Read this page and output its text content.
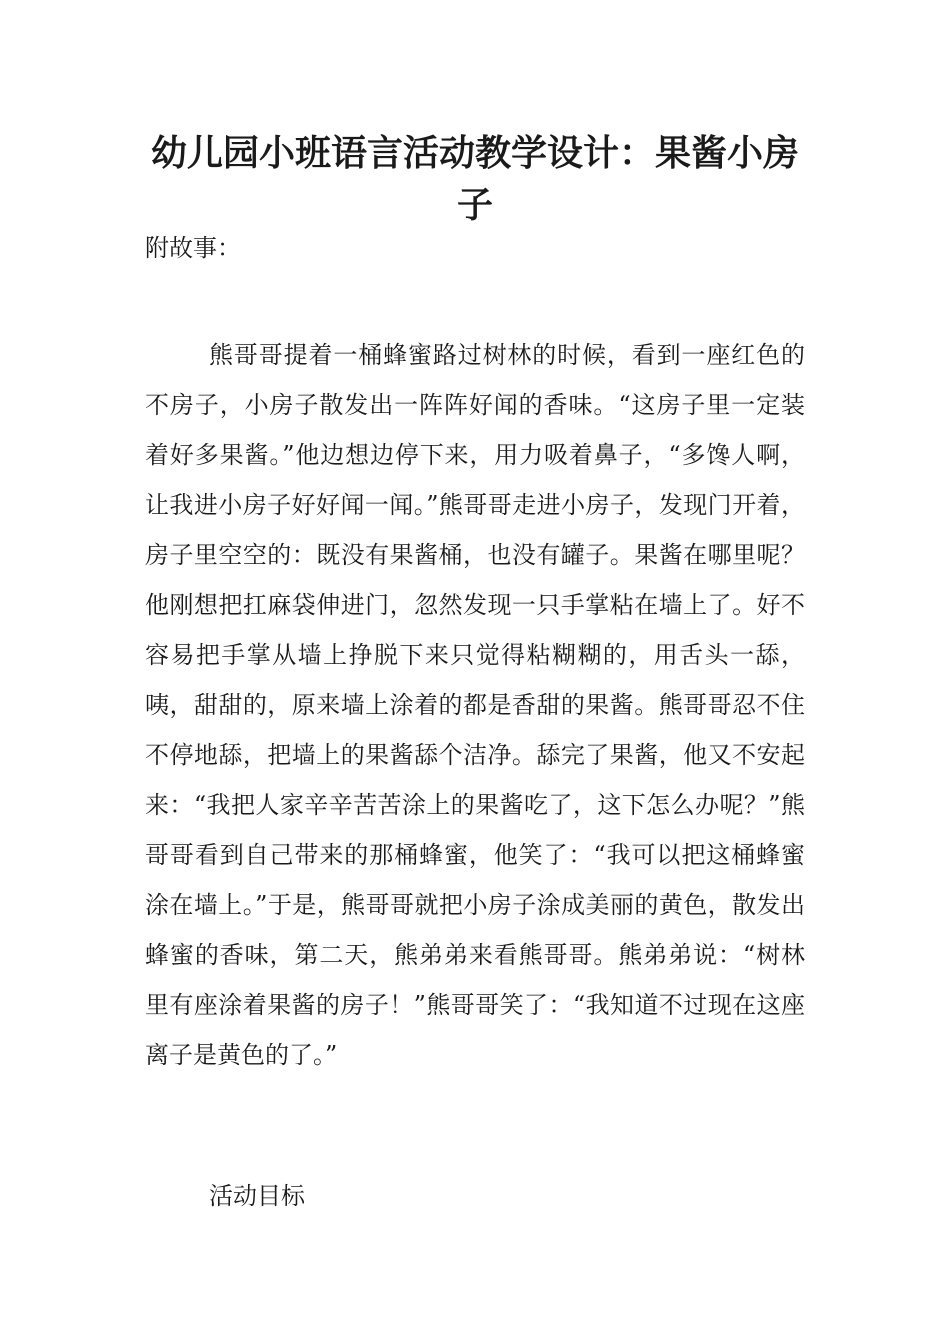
幼儿园小班语言活动教学设计：果酱小房子

附故事：

熊哥哥提着一桶蜂蜜路过树林的时候，看到一座红色的不房子，小房子散发出一阵阵好闻的香味。“这房子里一定装着好多果酱。”他边想边停下来，用力吸着鼻子，“多馋人啊，让我进小房子好好闻一闻。”熊哥哥走进小房子，发现门开着，房子里空空的：既没有果酱桶，也没有罐子。果酱在哪里呢？他刚想把扛麻袋伸进门，忽然发现一只手掌粘在墙上了。好不容易把手掌从墙上挣脱下来只觉得粘糊糊的，用舌头一舔，咦，甜甜的，原来墙上涂着的都是香甜的果酱。熊哥哥忍不住不停地舔，把墙上的果酱舔个洁净。舔完了果酱，他又不安起来：“我把人家辛辛苦苦涂上的果酱吃了，这下怎么办呢？”熊哥哥看到自己带来的那桶蜂蜜，他笑了：“我可以把这桶蜂蜜涂在墙上。”于是，熊哥哥就把小房子涂成美丽的黄色，散发出蜂蜜的香味，第二天，熊弟弟来看熊哥哥。熊弟弟说：“树林里有座涂着果酱的房子！”熊哥哥笑了：“我知道不过现在这座离子是黄色的了。”

活动目标
